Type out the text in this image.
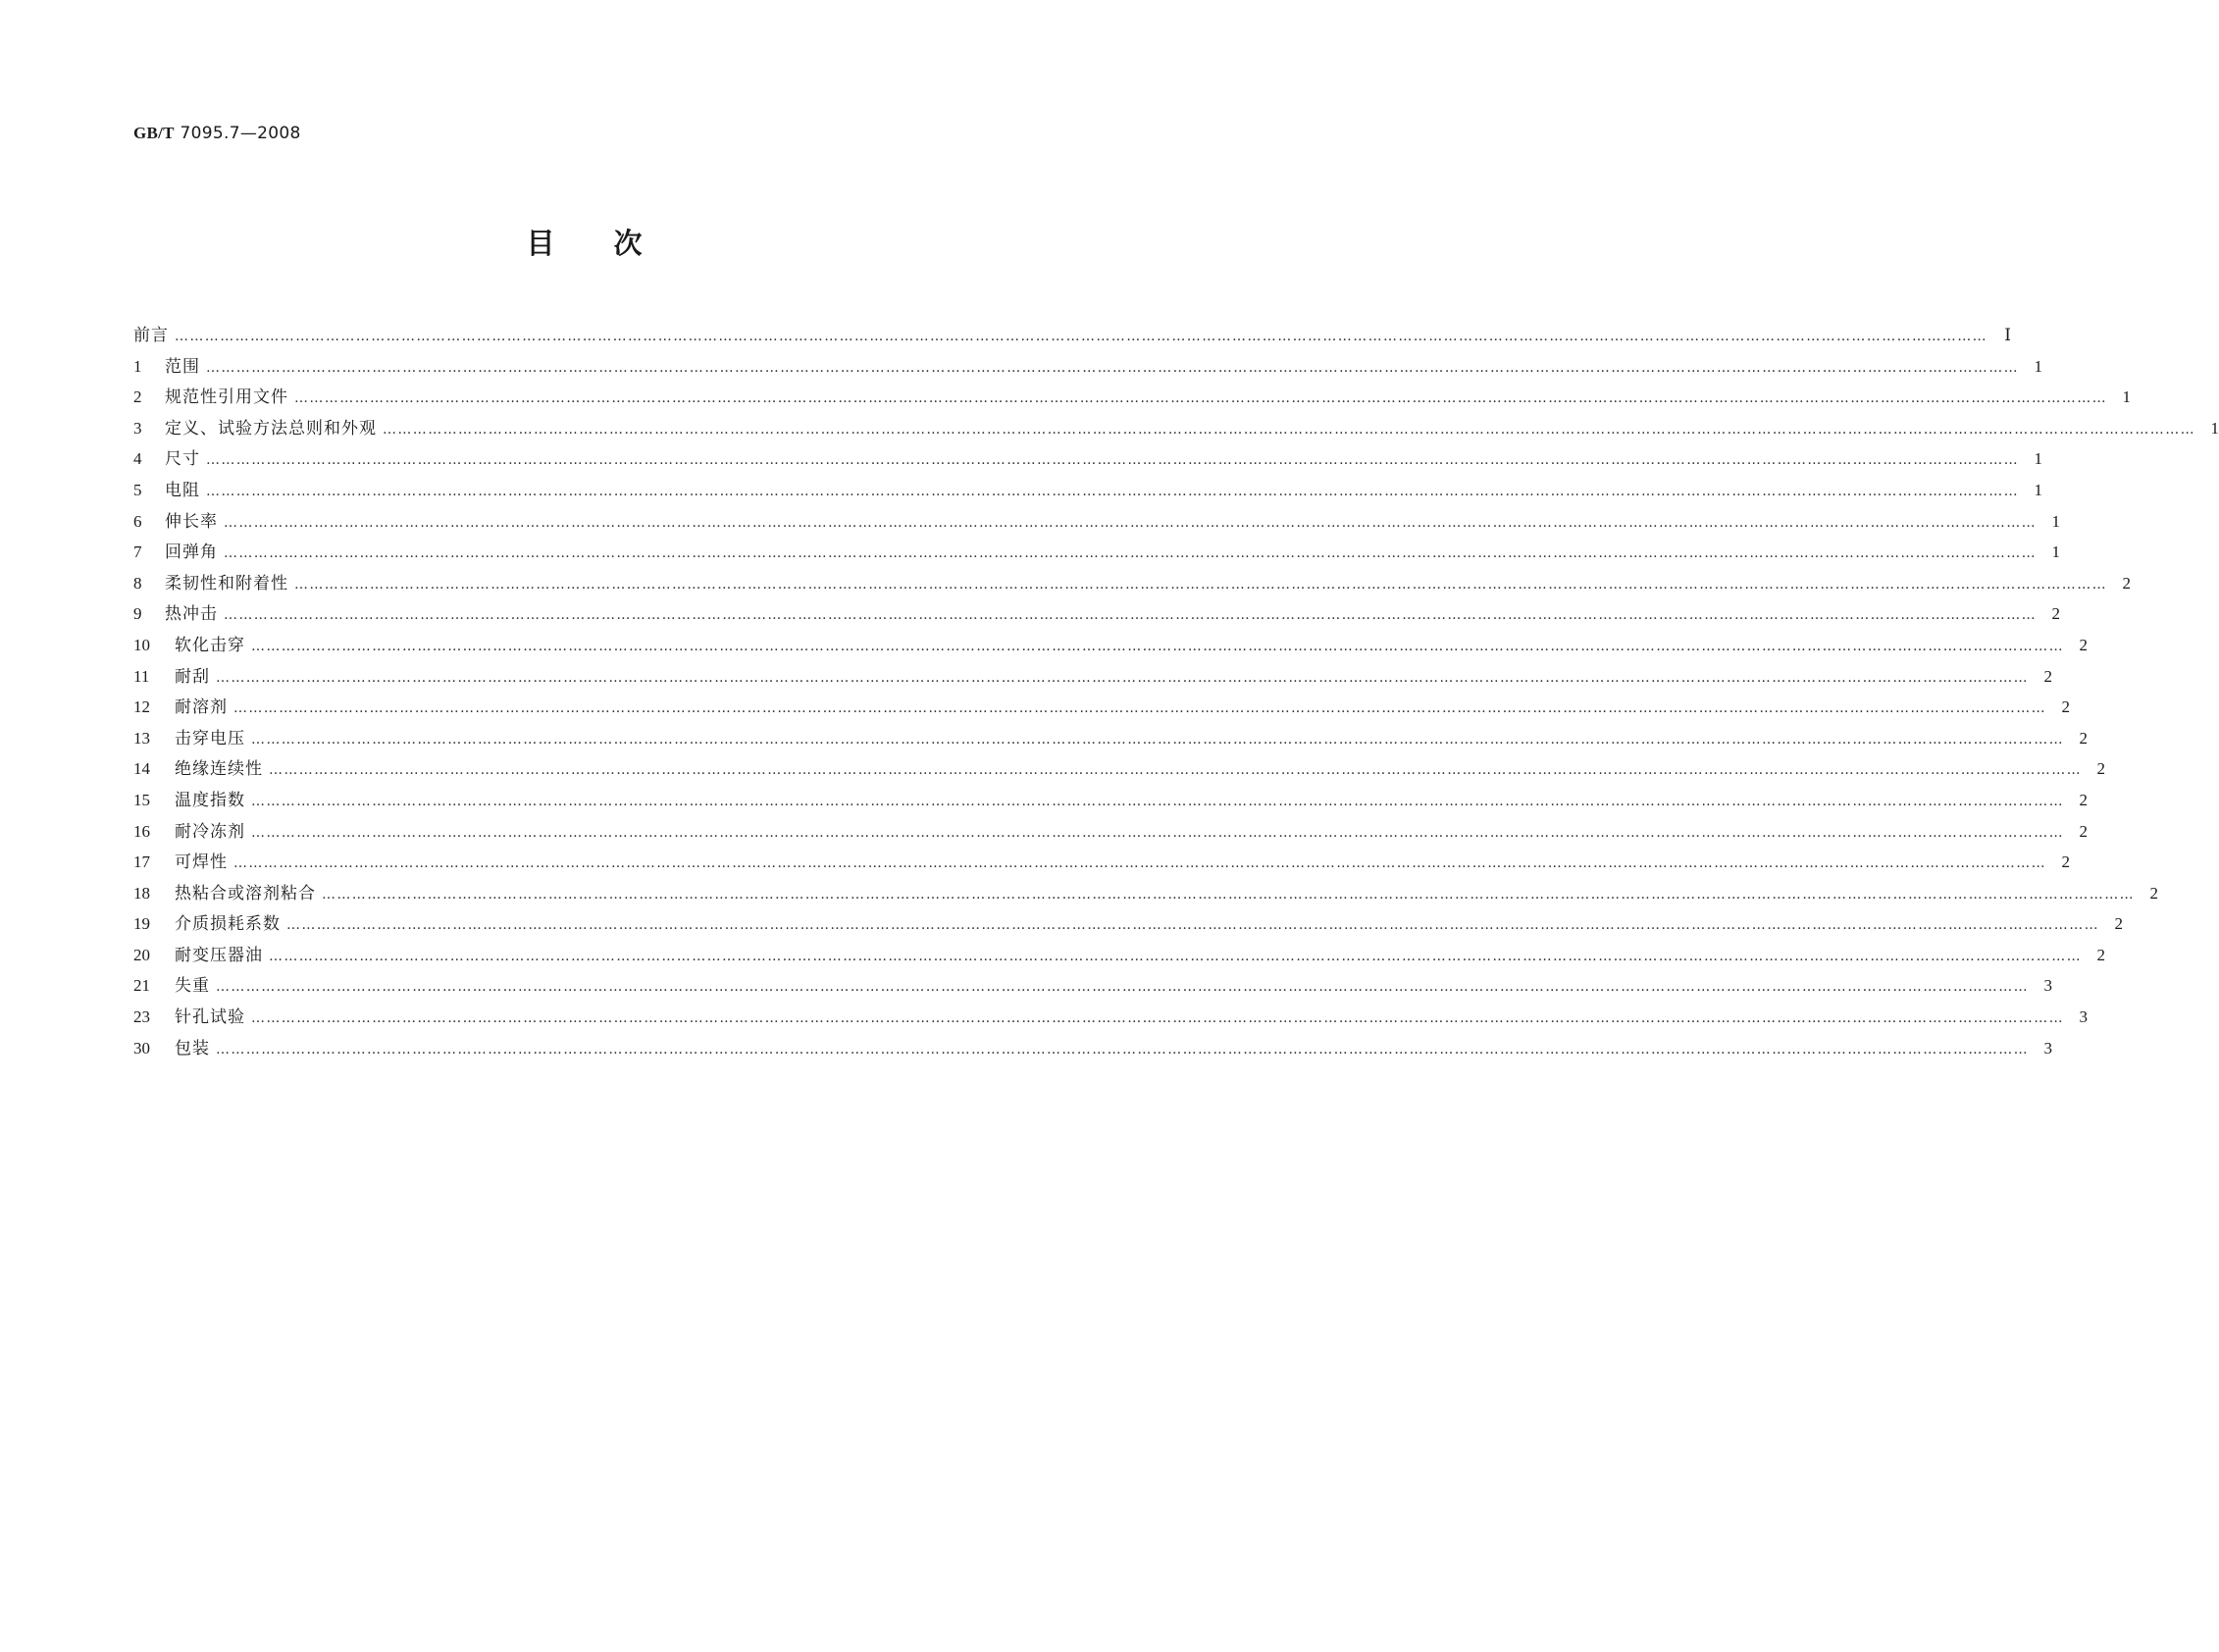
GB/T 7095.7—2008
目 次
前言 ………………………………………………………………………………………………………………………………………………………………………………………………………………………………………………………………………………………………………………………………	Ⅰ
1	范围 ……………………………………………………………………………………………………………………………………………………………………………………………………………………………………………………………………………………………………………………………… 1
2	规范性引用文件 ……………………………………………………………………………………………………………………………………………………………………………………………………………………………………………………………………………………………………………………………… 1
3	定义、试验方法总则和外观 ……………………………………………………………………………………………………………………………………………………………………………………………………………………………………………………………………………………………………………………………… 1
4	尺寸 ……………………………………………………………………………………………………………………………………………………………………………………………………………………………………………………………………………………………………………………………… 1
5	电阻 ……………………………………………………………………………………………………………………………………………………………………………………………………………………………………………………………………………………………………………………………… 1
6	伸长率 ……………………………………………………………………………………………………………………………………………………………………………………………………………………………………………………………………………………………………………………………… 1
7	回弹角 ……………………………………………………………………………………………………………………………………………………………………………………………………………………………………………………………………………………………………………………………… 1
8	柔韧性和附着性 ……………………………………………………………………………………………………………………………………………………………………………………………………………………………………………………………………………………………………………………………… 2
9	热冲击 ……………………………………………………………………………………………………………………………………………………………………………………………………………………………………………………………………………………………………………………………… 2
10	软化击穿 ……………………………………………………………………………………………………………………………………………………………………………………………………………………………………………………………………………………………………………………………… 2
11	耐刮 ……………………………………………………………………………………………………………………………………………………………………………………………………………………………………………………………………………………………………………………………… 2
12	耐溶剂 ……………………………………………………………………………………………………………………………………………………………………………………………………………………………………………………………………………………………………………………………… 2
13	击穿电压 ……………………………………………………………………………………………………………………………………………………………………………………………………………………………………………………………………………………………………………………………… 2
14	绝缘连续性 ……………………………………………………………………………………………………………………………………………………………………………………………………………………………………………………………………………………………………………………………… 2
15	温度指数 ……………………………………………………………………………………………………………………………………………………………………………………………………………………………………………………………………………………………………………………………… 2
16	耐冷冻剂 ……………………………………………………………………………………………………………………………………………………………………………………………………………………………………………………………………………………………………………………………… 2
17	可焊性 ……………………………………………………………………………………………………………………………………………………………………………………………………………………………………………………………………………………………………………………………… 2
18	热粘合或溶剂粘合 ……………………………………………………………………………………………………………………………………………………………………………………………………………………………………………………………………………………………………………………………… 2
19	介质损耗系数 ……………………………………………………………………………………………………………………………………………………………………………………………………………………………………………………………………………………………………………………………… 2
20	耐变压器油 ……………………………………………………………………………………………………………………………………………………………………………………………………………………………………………………………………………………………………………………………… 2
21	失重 ……………………………………………………………………………………………………………………………………………………………………………………………………………………………………………………………………………………………………………………………… 3
23	针孔试验 ……………………………………………………………………………………………………………………………………………………………………………………………………………………………………………………………………………………………………………………………… 3
30	包装 ……………………………………………………………………………………………………………………………………………………………………………………………………………………………………………………………………………………………………………………………… 3
